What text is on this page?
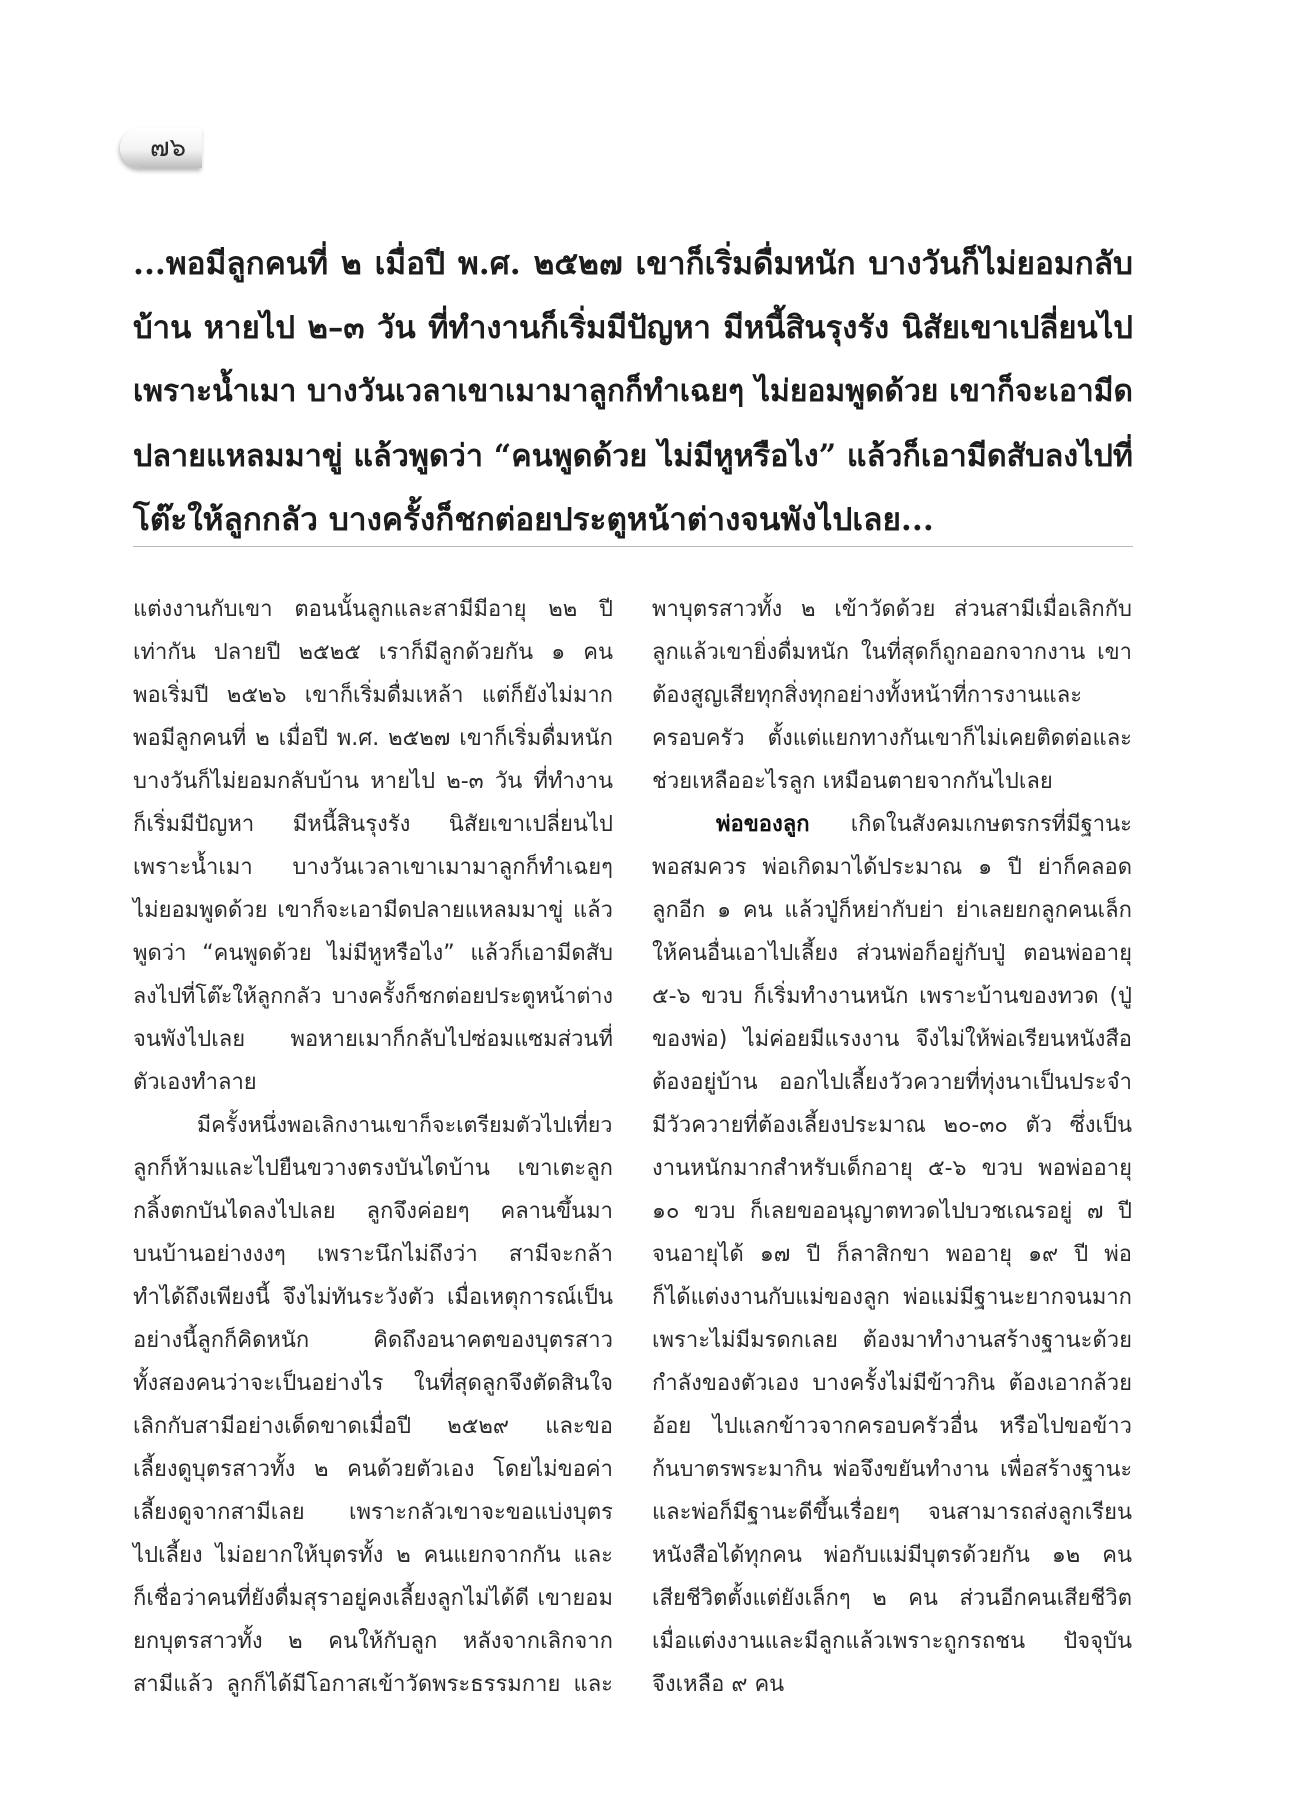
๗๖

...พอมีลูกคนที่ ๒ เมื่อปี พ.ศ. ๒๕๒๗ เขาก็เริ่มดื่มหนัก บางวันก็ไม่ยอมกลับ
บ้าน หายไป ๒–๓ วัน ที่ทำงานก็เริ่มมีปัญหา มีหนี้สินรุงรัง นิสัยเขาเปลี่ยนไป
เพราะน้ำเมา บางวันเวลาเขาเมามาลูกก็ทำเฉยๆ ไม่ยอมพูดด้วย เขาก็จะเอามีด
ปลายแหลมมาขู่ แล้วพูดว่า “คนพูดด้วย ไม่มีหูหรือไง” แล้วก็เอามีดสับลงไปที่
โต๊ะให้ลูกกลัว บางครั้งก็ชกต่อยประตูหน้าต่างจนพังไปเลย...

แต่งงานกับเขา ตอนนั้นลูกและสามีมีอายุ ๒๒ ปี
เท่ากัน ปลายปี ๒๕๒๕ เราก็มีลูกด้วยกัน ๑ คน
พอเริ่มปี ๒๕๒๖ เขาก็เริ่มดื่มเหล้า แต่ก็ยังไม่มาก
พอมีลูกคนที่ ๒ เมื่อปี พ.ศ. ๒๕๒๗ เขาก็เริ่มดื่มหนัก
บางวันก็ไม่ยอมกลับบ้าน หายไป ๒-๓ วัน ที่ทำงาน
ก็เริ่มมีปัญหา มีหนี้สินรุงรัง นิสัยเขาเปลี่ยนไป
เพราะน้ำเมา บางวันเวลาเขาเมามาลูกก็ทำเฉยๆ
ไม่ยอมพูดด้วย เขาก็จะเอามีดปลายแหลมมาขู่ แล้ว
พูดว่า “คนพูดด้วย ไม่มีหูหรือไง” แล้วก็เอามีดสับ
ลงไปที่โต๊ะให้ลูกกลัว บางครั้งก็ชกต่อยประตูหน้าต่าง
จนพังไปเลย พอหายเมาก็กลับไปซ่อมแซมส่วนที่
ตัวเองทำลาย
มีครั้งหนึ่งพอเลิกงานเขาก็จะเตรียมตัวไปเที่ยว
ลูกก็ห้ามและไปยืนขวางตรงบันไดบ้าน เขาเตะลูก
กลิ้งตกบันไดลงไปเลย ลูกจึงค่อยๆ คลานขึ้นมา
บนบ้านอย่างงงๆ เพราะนึกไม่ถึงว่า สามีจะกล้า
ทำได้ถึงเพียงนี้ จึงไม่ทันระวังตัว เมื่อเหตุการณ์เป็น
อย่างนี้ลูกก็คิดหนัก คิดถึงอนาคตของบุตรสาว
ทั้งสองคนว่าจะเป็นอย่างไร ในที่สุดลูกจึงตัดสินใจ
เลิกกับสามีอย่างเด็ดขาดเมื่อปี ๒๕๒๙ และขอ
เลี้ยงดูบุตรสาวทั้ง ๒ คนด้วยตัวเอง โดยไม่ขอค่า
เลี้ยงดูจากสามีเลย เพราะกลัวเขาจะขอแบ่งบุตร
ไปเลี้ยง ไม่อยากให้บุตรทั้ง ๒ คนแยกจากกัน และ
ก็เชื่อว่าคนที่ยังดื่มสุราอยู่คงเลี้ยงลูกไม่ได้ดี เขายอม
ยกบุตรสาวทั้ง ๒ คนให้กับลูก หลังจากเลิกจาก
สามีแล้ว ลูกก็ได้มีโอกาสเข้าวัดพระธรรมกาย และ
พาบุตรสาวทั้ง ๒ เข้าวัดด้วย ส่วนสามีเมื่อเลิกกับ
ลูกแล้วเขายิ่งดื่มหนัก ในที่สุดก็ถูกออกจากงาน เขา
ต้องสูญเสียทุกสิ่งทุกอย่างทั้งหน้าที่การงานและ
ครอบครัว ตั้งแต่แยกทางกันเขาก็ไม่เคยติดต่อและ
ช่วยเหลืออะไรลูก เหมือนตายจากกันไปเลย
พ่อของลูก เกิดในสังคมเกษตรกรที่มีฐานะ
พอสมควร พ่อเกิดมาได้ประมาณ ๑ ปี ย่าก็คลอด
ลูกอีก ๑ คน แล้วปู่ก็หย่ากับย่า ย่าเลยยกลูกคนเล็ก
ให้คนอื่นเอาไปเลี้ยง ส่วนพ่อก็อยู่กับปู่ ตอนพ่ออายุ
๕-๖ ขวบ ก็เริ่มทำงานหนัก เพราะบ้านของทวด (ปู่
ของพ่อ) ไม่ค่อยมีแรงงาน จึงไม่ให้พ่อเรียนหนังสือ
ต้องอยู่บ้าน ออกไปเลี้ยงวัวควายที่ทุ่งนาเป็นประจำ
มีวัวควายที่ต้องเลี้ยงประมาณ ๒๐-๓๐ ตัว ซึ่งเป็น
งานหนักมากสำหรับเด็กอายุ ๕-๖ ขวบ พอพ่ออายุ
๑๐ ขวบ ก็เลยขออนุญาตทวดไปบวชเณรอยู่ ๗ ปี
จนอายุได้ ๑๗ ปี ก็ลาสิกขา พออายุ ๑๙ ปี พ่อ
ก็ได้แต่งงานกับแม่ของลูก พ่อแม่มีฐานะยากจนมาก
เพราะไม่มีมรดกเลย ต้องมาทำงานสร้างฐานะด้วย
กำลังของตัวเอง บางครั้งไม่มีข้าวกิน ต้องเอากล้วย
อ้อย ไปแลกข้าวจากครอบครัวอื่น หรือไปขอข้าว
ก้นบาตรพระมากิน พ่อจึงขยันทำงาน เพื่อสร้างฐานะ
และพ่อก็มีฐานะดีขึ้นเรื่อยๆ จนสามารถส่งลูกเรียน
หนังสือได้ทุกคน พ่อกับแม่มีบุตรด้วยกัน ๑๒ คน
เสียชีวิตตั้งแต่ยังเล็กๆ ๒ คน ส่วนอีกคนเสียชีวิต
เมื่อแต่งงานและมีลูกแล้วเพราะถูกรถชน ปัจจุบัน
จึงเหลือ ๙ คน
